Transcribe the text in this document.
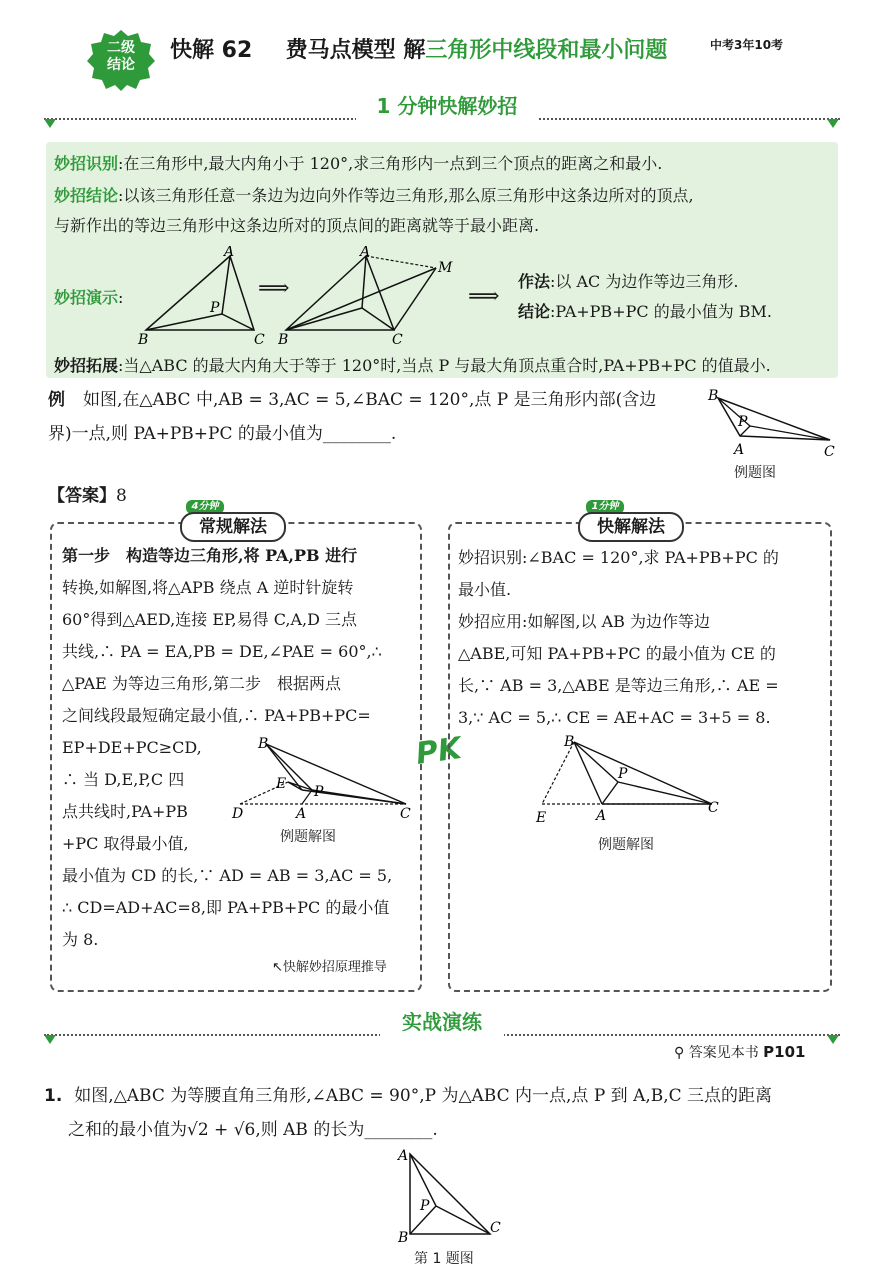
二级
结论
快解 62 费马点模型 解三角形中线段和最小问题	中考3年10考
1 分钟快解妙招
妙招识别:在三角形中,最大内角小于 120°,求三角形内一点到三个顶点的距离之和最小.
妙招结论:以该三角形任意一条边为边向外作等边三角形,那么原三角形中这条边所对的顶点,
与新作出的等边三角形中这条边所对的顶点间的距离就等于最小距离.
妙招演示:
A
B	C
P
⟹
A
M
B	C
⟹
作法:以 AC 为边作等边三角形.
结论:PA+PB+PC 的最小值为 BM.
妙招拓展:当△ABC 的最大内角大于等于 120°时,当点 P 与最大角顶点重合时,PA+PB+PC 的值最小.
例 如图,在△ABC 中,AB = 3,AC = 5,∠BAC = 120°,点 P 是三角形内部(含边
界)一点,则 PA+PB+PC 的最小值为________.
B
P
A	C
例题图
【答案】8
4分钟
常规解法
第一步　构造等边三角形,将 PA,PB 进行
转换,如解图,将△APB 绕点 A 逆时针旋转
60°得到△AED,连接 EP,易得 C,A,D 三点
共线,∴ PA = EA,PB = DE,∠PAE = 60°,∴
△PAE 为等边三角形,第二步　根据两点
之间线段最短确定最小值,∴ PA+PB+PC=
EP+DE+PC≥CD,
∴ 当 D,E,P,C 四
点共线时,PA+PB
+PC 取得最小值,
最小值为 CD 的长,∵ AD = AB = 3,AC = 5,
∴ CD=AD+AC=8,即 PA+PB+PC 的最小值
为 8.
B
E P
A
D	C
例题解图
↖快解妙招原理推导
PK
1分钟
快解解法
妙招识别:∠BAC = 120°,求 PA+PB+PC 的
最小值.
妙招应用:如解图,以 AB 为边作等边
△ABE,可知 PA+PB+PC 的最小值为 CE 的
长,∵ AB = 3,△ABE 是等边三角形,∴ AE =
3,∵ AC = 5,∴ CE = AE+AC = 3+5 = 8.
B
P
A
E
C
例题解图
实战演练
⚲ 答案见本书 P101
1. 如图,△ABC 为等腰直角三角形,∠ABC = 90°,P 为△ABC 内一点,点 P 到 A,B,C 三点的距离
之和的最小值为√2 + √6,则 AB 的长为________.
A
P
B
C
第 1 题图
